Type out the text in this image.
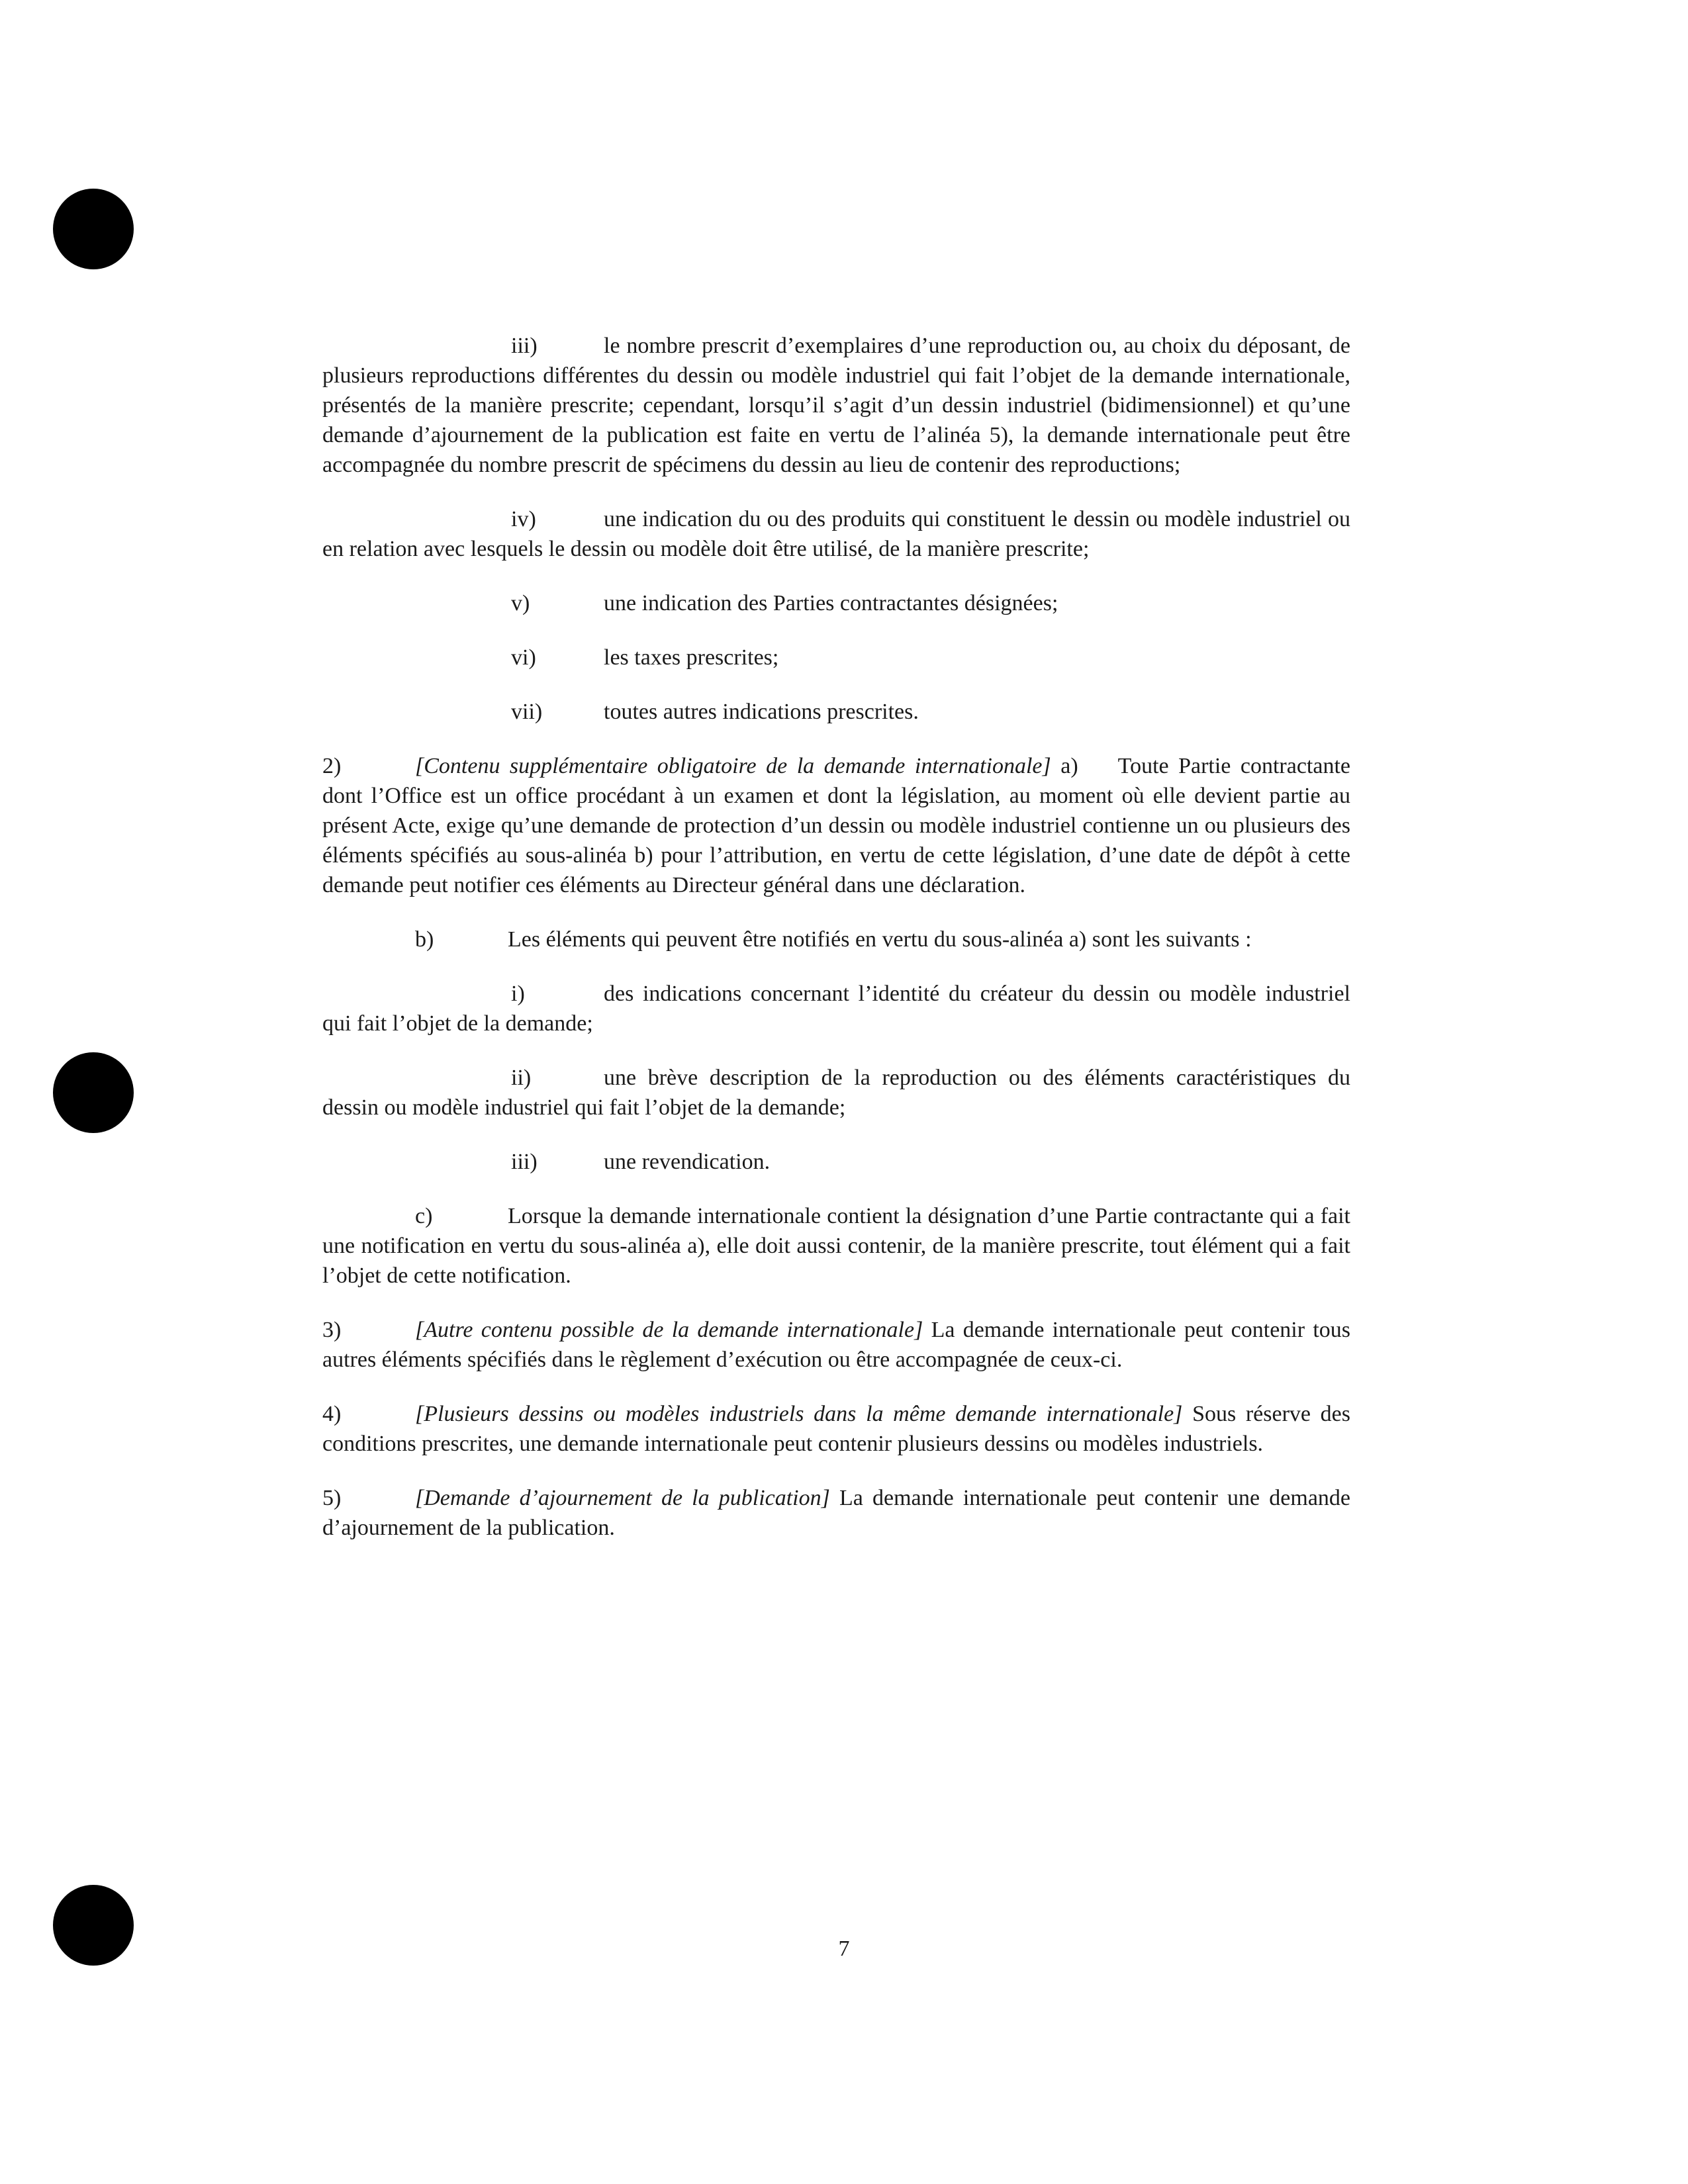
iii)	le nombre prescrit d’exemplaires d’une reproduction ou, au choix du déposant, de plusieurs reproductions différentes du dessin ou modèle industriel qui fait l’objet de la demande internationale, présentés de la manière prescrite; cependant, lorsqu’il s’agit d’un dessin industriel (bidimensionnel) et qu’une demande d’ajournement de la publication est faite en vertu de l’alinéa 5), la demande internationale peut être accompagnée du nombre prescrit de spécimens du dessin au lieu de contenir des reproductions;

iv)	une indication du ou des produits qui constituent le dessin ou modèle industriel ou en relation avec lesquels le dessin ou modèle doit être utilisé, de la manière prescrite;

v)	une indication des Parties contractantes désignées;

vi)	les taxes prescrites;

vii)	toutes autres indications prescrites.

2)	[Contenu supplémentaire obligatoire de la demande internationale] a) Toute Partie contractante dont l’Office est un office procédant à un examen et dont la législation, au moment où elle devient partie au présent Acte, exige qu’une demande de protection d’un dessin ou modèle industriel contienne un ou plusieurs des éléments spécifiés au sous-alinéa b) pour l’attribution, en vertu de cette législation, d’une date de dépôt à cette demande peut notifier ces éléments au Directeur général dans une déclaration.

b)	Les éléments qui peuvent être notifiés en vertu du sous-alinéa a) sont les suivants :

i)	des indications concernant l’identité du créateur du dessin ou modèle industriel qui fait l’objet de la demande;

ii)	une brève description de la reproduction ou des éléments caractéristiques du dessin ou modèle industriel qui fait l’objet de la demande;

iii)	une revendication.

c)	Lorsque la demande internationale contient la désignation d’une Partie contractante qui a fait une notification en vertu du sous-alinéa a), elle doit aussi contenir, de la manière prescrite, tout élément qui a fait l’objet de cette notification.

3)	[Autre contenu possible de la demande internationale] La demande internationale peut contenir tous autres éléments spécifiés dans le règlement d’exécution ou être accompagnée de ceux-ci.

4)	[Plusieurs dessins ou modèles industriels dans la même demande internationale] Sous réserve des conditions prescrites, une demande internationale peut contenir plusieurs dessins ou modèles industriels.

5)	[Demande d’ajournement de la publication] La demande internationale peut contenir une demande d’ajournement de la publication.

7
